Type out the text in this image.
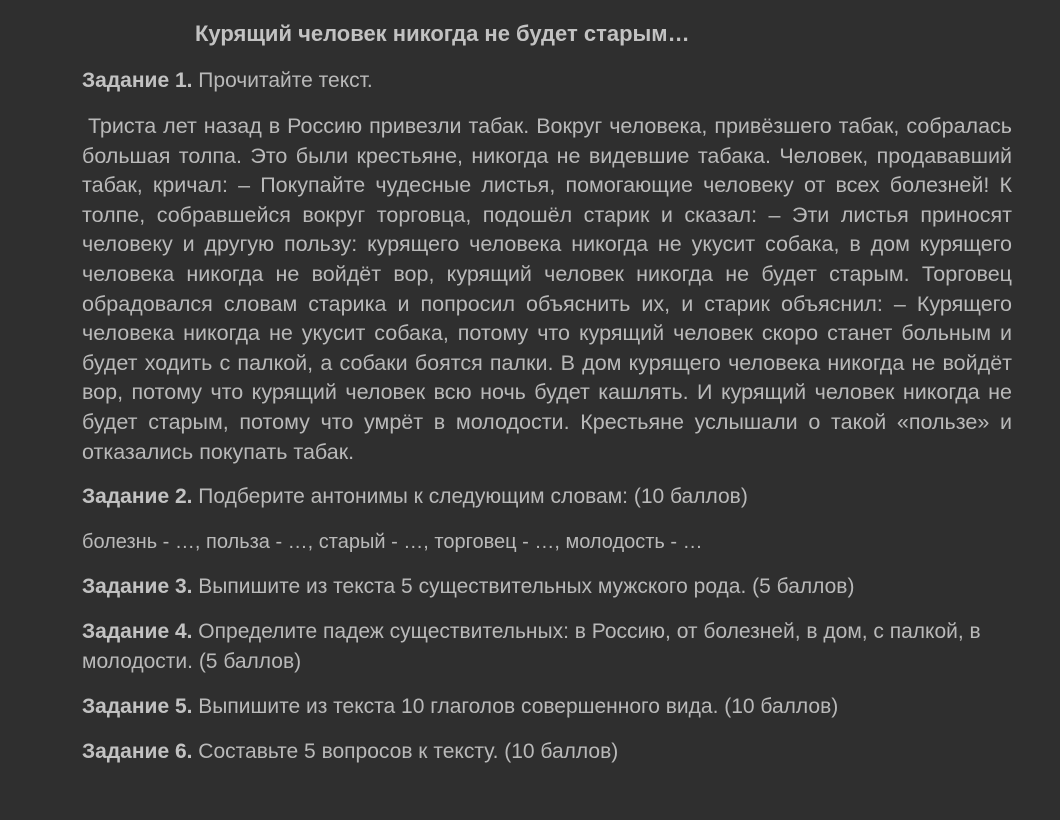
Курящий человек никогда не будет старым…

Задание 1. Прочитайте текст.

Триста лет назад в Россию привезли табак. Вокруг человека, привёзшего табак, собралась большая толпа. Это были крестьяне, никогда не видевшие табака. Человек, продававший табак, кричал: – Покупайте чудесные листья, помогающие человеку от всех болезней! К толпе, собравшейся вокруг торговца, подошёл старик и сказал: – Эти листья приносят человеку и другую пользу: курящего человека никогда не укусит собака, в дом курящего человека никогда не войдёт вор, курящий человек никогда не будет старым. Торговец обрадовался словам старика и попросил объяснить их, и старик объяснил: – Курящего человека никогда не укусит собака, потому что курящий человек скоро станет больным и будет ходить с палкой, а собаки боятся палки. В дом курящего человека никогда не войдёт вор, потому что курящий человек всю ночь будет кашлять. И курящий человек никогда не будет старым, потому что умрёт в молодости. Крестьяне услышали о такой «пользе» и отказались покупать табак.

Задание 2. Подберите антонимы к следующим словам: (10 баллов)

болезнь - …, польза - …, старый - …, торговец - …, молодость - …

Задание 3. Выпишите из текста 5 существительных мужского рода. (5 баллов)

Задание 4. Определите падеж существительных: в Россию, от болезней, в дом, с палкой, в молодости. (5 баллов)

Задание 5. Выпишите из текста 10 глаголов совершенного вида. (10 баллов)

Задание 6. Составьте 5 вопросов к тексту. (10 баллов)
